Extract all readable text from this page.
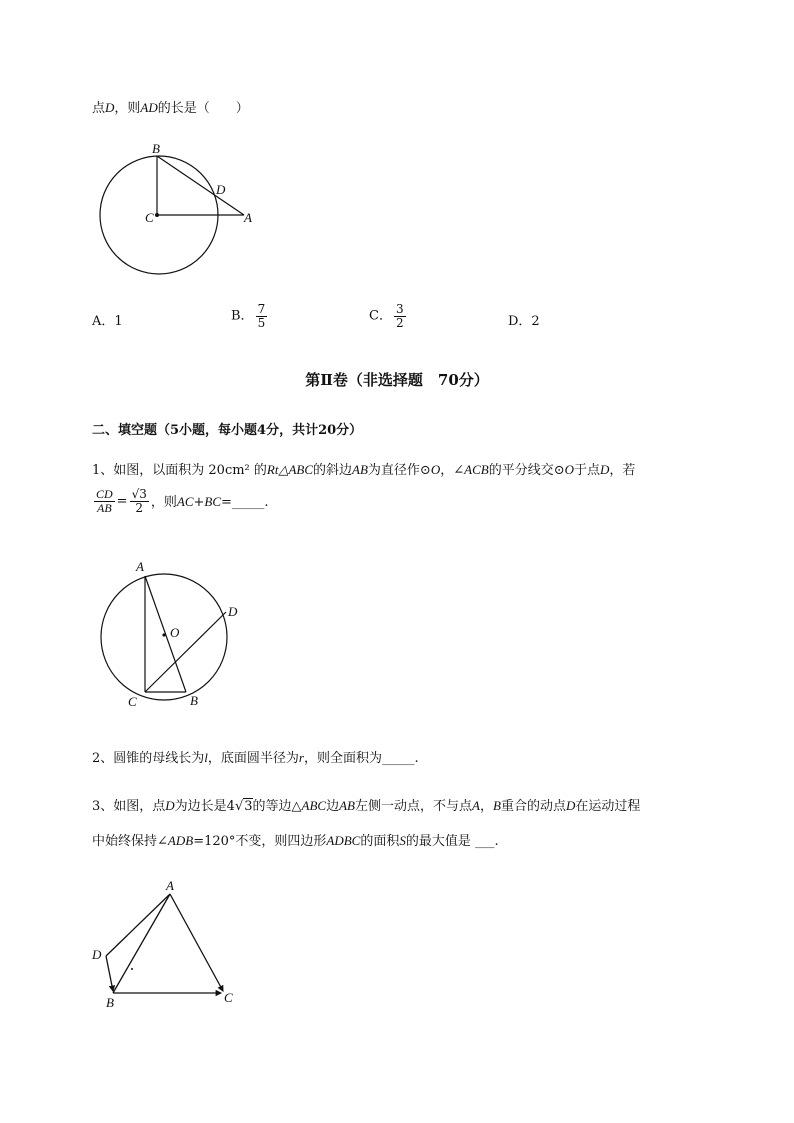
点D，则AD的长是（　　）
B
C
D
A
A．1	B． $\frac{7}{5}$	C． $\frac{3}{2}$	D．2
第Ⅱ卷（非选择题　70分）
二、填空题（5小题，每小题4分，共计20分）
1、如图，以面积为 20cm² 的Rt△ABC的斜边AB为直径作⊙O，∠ACB的平分线交⊙O于点D，若
$\frac{CD}{AB} = \frac{√3}{2}$ ，则AC+BC=_____.
A
O
D
C	B
2、圆锥的母线长为l，底面圆半径为r，则全面积为_____.
3、如图，点D为边长是4√3的等边△ABC边AB左侧一动点，不与点A，B重合的动点D在运动过程
中始终保持∠ADB=120°不变，则四边形ADBC的面积S的最大值是 ___.
A
D
B	C
